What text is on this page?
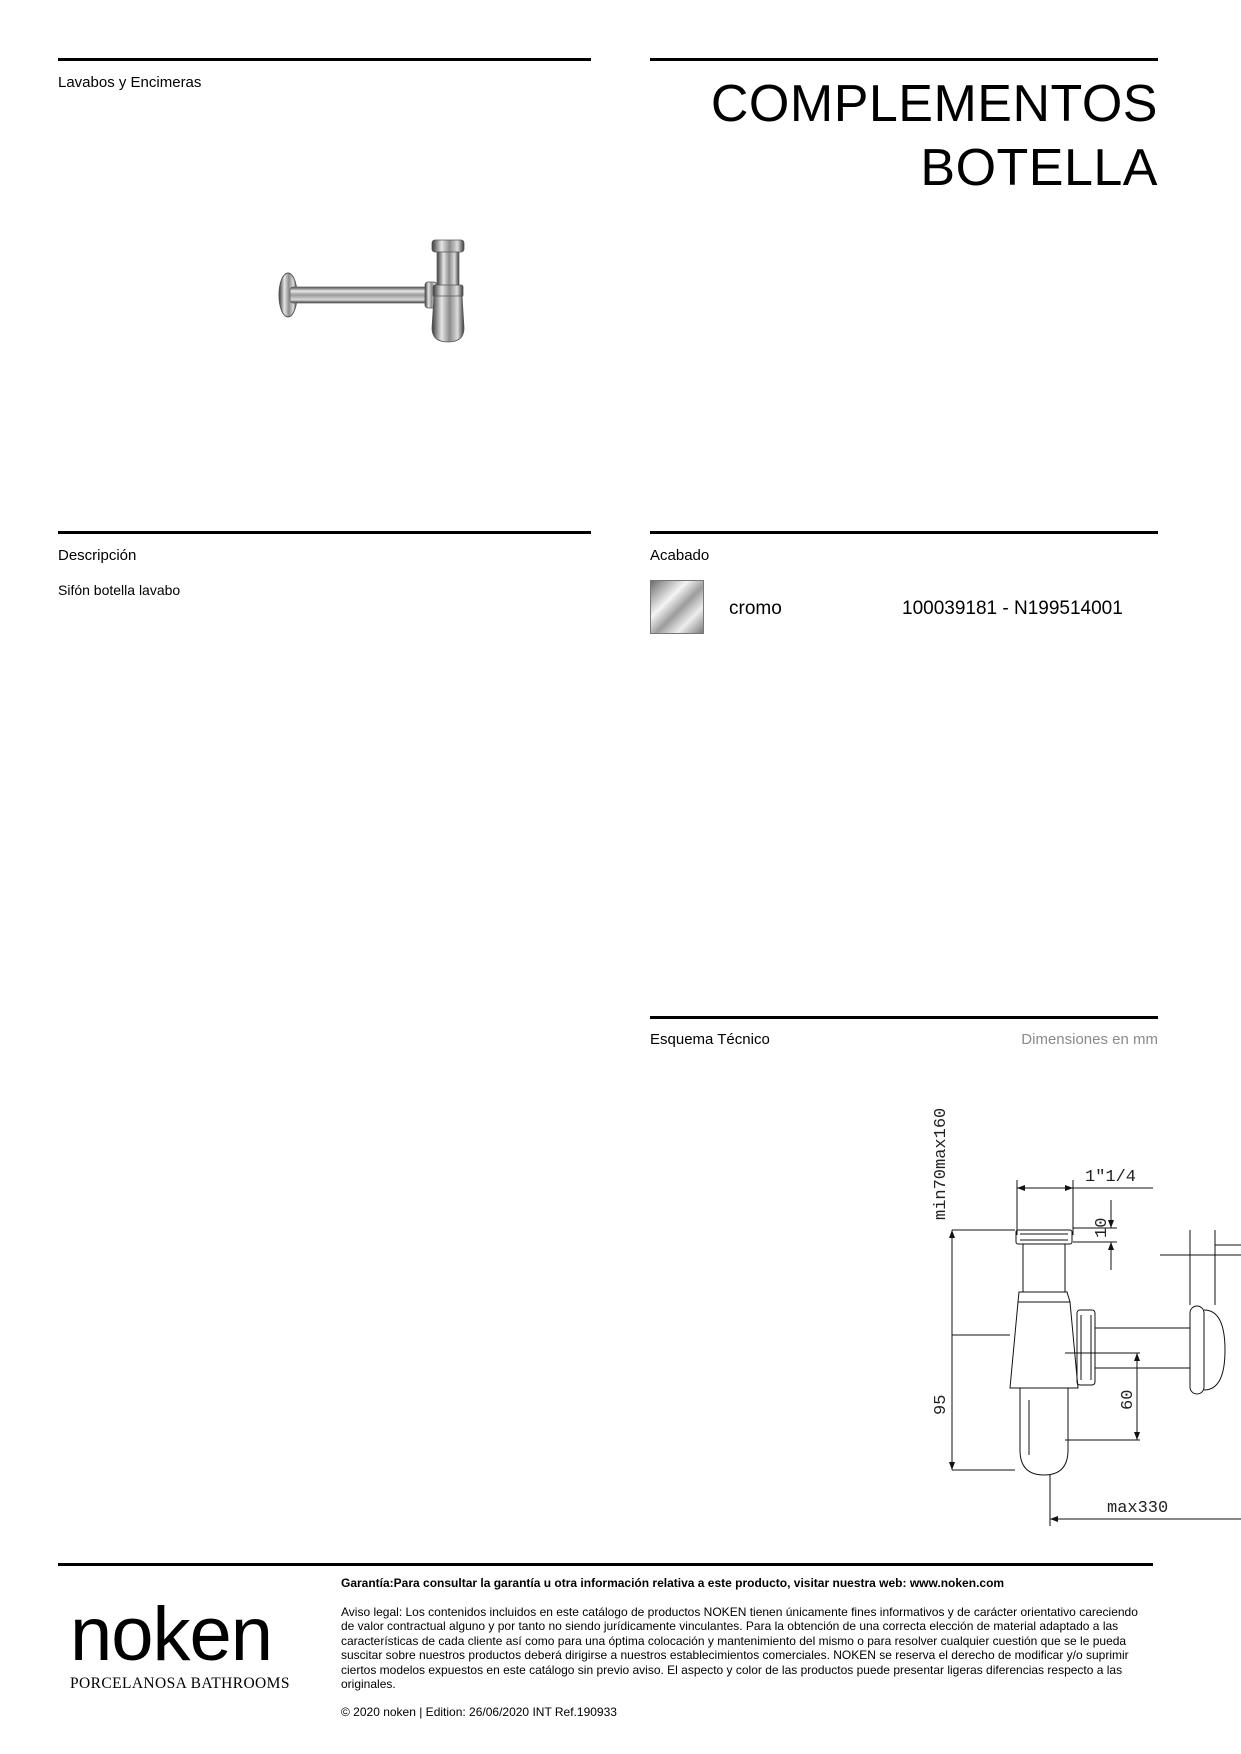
Lavabos y Encimeras	COMPLEMENTOS
BOTELLA
Descripción
Sifón botella lavabo
Acabado
cromo	100039181 - N199514001
Esquema Técnico	Dimensiones en mm
min70max160	1"1/4
10
95	60
max330
noken
PORCELANOSA BATHROOMS
Garantía:Para consultar la garantía u otra información relativa a este producto, visitar nuestra web: www.noken.com
Aviso legal: Los contenidos incluidos en este catálogo de productos NOKEN tienen únicamente fines informativos y de carácter orientativo careciendo de valor contractual alguno y por tanto no siendo jurídicamente vinculantes. Para la obtención de una correcta elección de material adaptado a las características de cada cliente así como para una óptima colocación y mantenimiento del mismo o para resolver cualquier cuestión que se le pueda suscitar sobre nuestros productos deberá dirigirse a nuestros establecimientos comerciales. NOKEN se reserva el derecho de modificar y/o suprimir ciertos modelos expuestos en este catálogo sin previo aviso. El aspecto y color de las productos puede presentar ligeras diferencias respecto a las originales.
© 2020 noken | Edition: 26/06/2020 INT Ref.190933
